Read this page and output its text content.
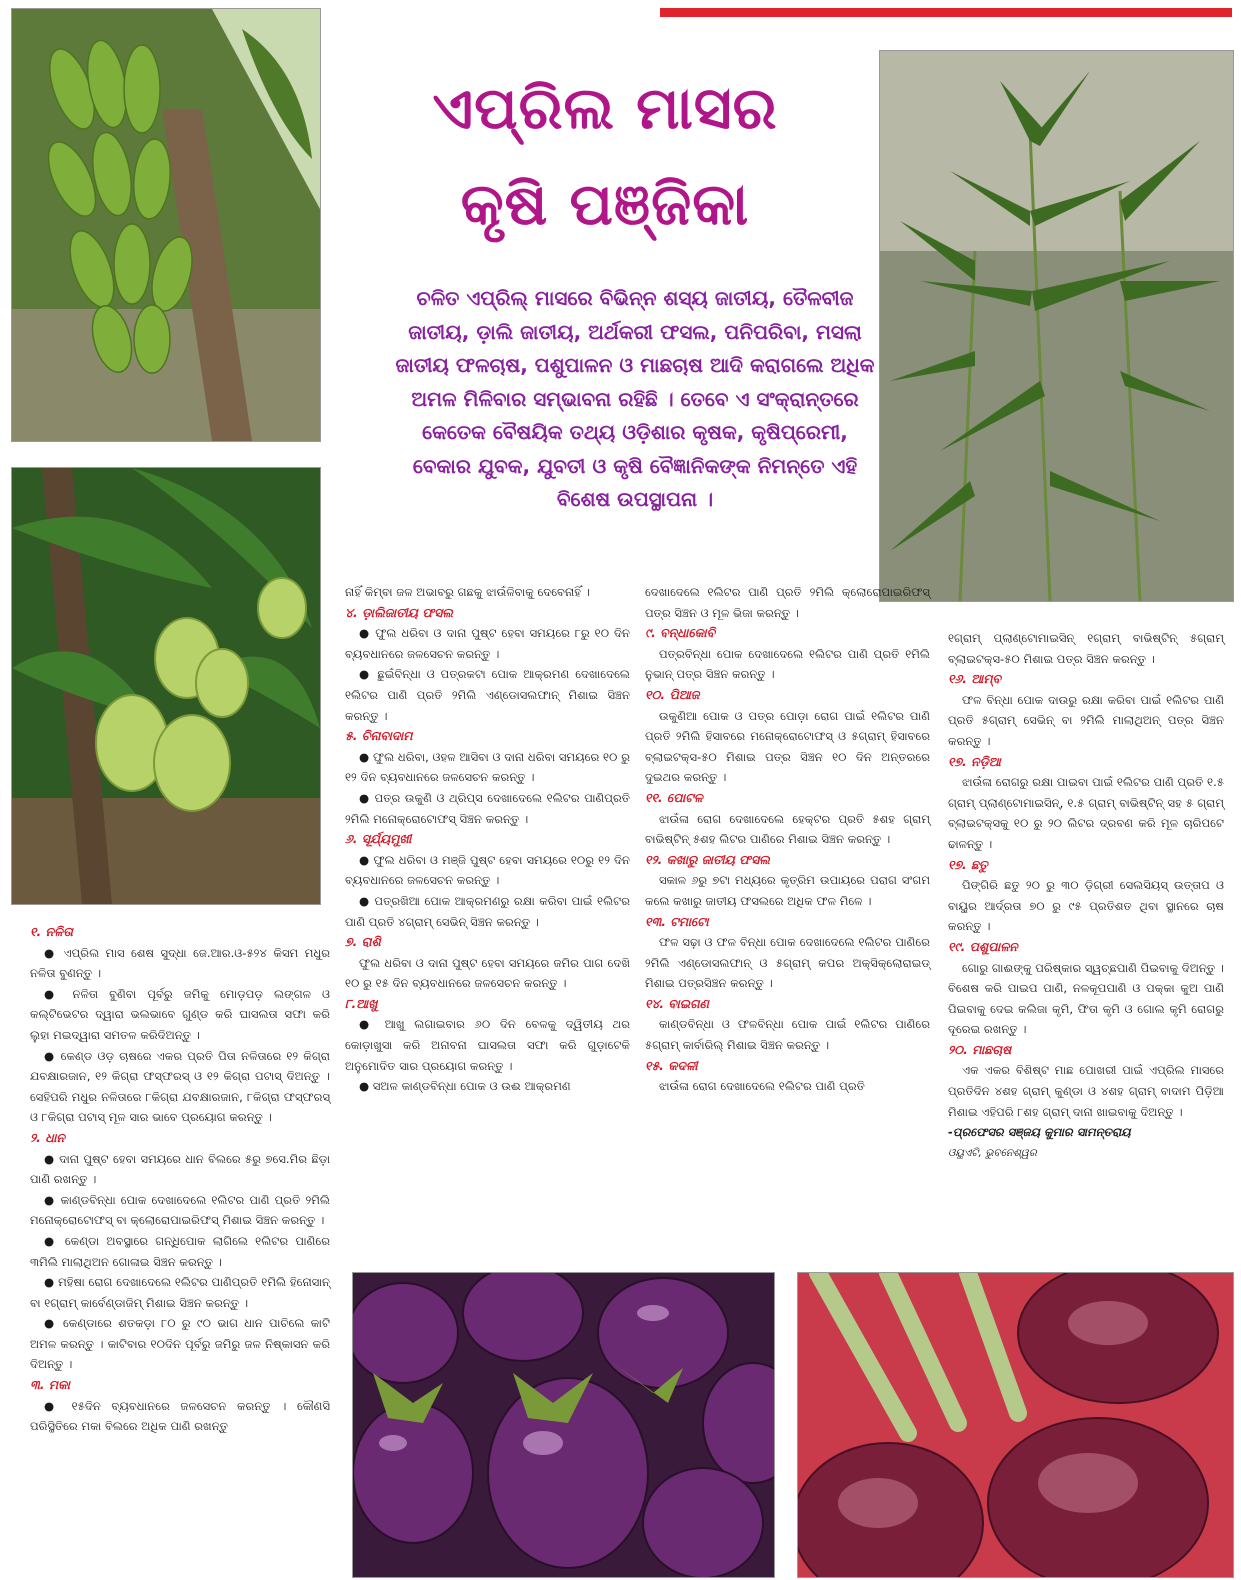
ଏପ୍ରିଲ ମାସର
କୃଷି ପଞ୍ଜିକା
ଚଳିତ ଏପ୍ରିଲ୍ ମାସରେ ବିଭିନ୍ନ ଶସ୍ୟ ଜାତୀୟ, ତୈଳବୀଜ ଜାତୀୟ, ଡ଼ାଲି ଜାତୀୟ, ଅର୍ଥକରୀ ଫସଲ, ପନିପରିବା, ମସଲା ଜାତୀୟ ଫଳଚାଷ, ପଶୁପାଳନ ଓ ମାଛଚାଷ ଆଦି କରାଗଲେ ଅଧିକ ଅମଳ ମିଳିବାର ସମ୍ଭାବନା ରହିଛି । ତେବେ ଏ ସଂକ୍ରାନ୍ତରେ କେତେକ ବୈଷୟିକ ତଥ୍ୟ ଓଡ଼ିଶାର କୃଷକ, କୃଷିପ୍ରେମୀ, ବେକାର ଯୁବକ, ଯୁବତୀ ଓ କୃଷି ବୈଜ୍ଞାନିକଙ୍କ ନିମନ୍ତେ ଏହି ବିଶେଷ ଉପସ୍ଥାପନା ।
୧. ନଳିତା

● ଏପ୍ରିଲ ମାସ ଶେଷ ସୁଦ୍ଧା ଜେ.ଆର.ଓ-୫୨୪ କିସମ ମଧୁର ନଳିତା ବୁଣନ୍ତୁ ।

● ନଳିତା ବୁଣିବା ପୂର୍ବରୁ ଜମିକୁ ମୋଡ଼ପଡ଼ ଲଙ୍ଗଳ ଓ କଲ୍ଟିଭେଟର ଦ୍ୱାରା ଭଲଭାବେ ଗୁଣ୍ଡ କରି ଘାସଲତା ସଫା କରି ଲୁହା ମଇଦ୍ୱାରା ସମତଳ କରିଦିଅନ୍ତୁ ।

● କେଣ୍ଡ ଓଡ଼ ଚାଷରେ ଏକର ପ୍ରତି ପିତା ନଳିତାରେ ୧୨ କିଗ୍ରା ଯବକ୍ଷାରଜାନ, ୧୨ କିଗ୍ରା ଫସ୍‌ଫରସ୍ ଓ ୧୨ କିଗ୍ରା ପଟାସ୍ ଦିଅନ୍ତୁ । ସେହିପରି ମଧୁର ନଳିତାରେ ୮କିଗ୍ରା ଯବକ୍ଷାରଜାନ, ୮କିଗ୍ରା ଫସ୍‌ଫରସ୍ ଓ ୮କିଗ୍ରା ପଟାସ୍ ମୂଳ ସାର ଭାବେ ପ୍ରୟୋଗ କରନ୍ତୁ ।

୨. ଧାନ

● ଦାନା ପୁଷ୍ଟ ହେବା ସମୟରେ ଧାନ ବିଲରେ ୫ରୁ ୭ସେ.ମିର ଛିଡ଼ା ପାଣି ରଖନ୍ତୁ ।

● କାଣ୍ଡବିନ୍ଧା ପୋକ ଦେଖାଦେଲେ ୧ଲିଟର ପାଣି ପ୍ରତି ୨ମିଲି ମନୋକ୍ରୋଟୋଫସ୍ ବା କ୍ଲୋରୋପାଇରିଫସ୍ ମିଶାଇ ସିଞ୍ଚନ କରନ୍ତୁ ।

● କେଣ୍ଡା ଅବସ୍ଥାରେ ଗନ୍ଧିପୋକ ଲାଗିଲେ ୧ଲିଟର ପାଣିରେ ୩ମିଲି ମାଲାଥିଅନ ଗୋଳାଇ ସିଞ୍ଚନ କରନ୍ତୁ ।

● ମହିଷା ରୋଗ ଦେଖାଦେଲେ ୧ଲିଟର ପାଣିପ୍ରତି ୧ମିଲି ହିନୋସାନ୍ ବା ୧ଗ୍ରାମ୍ କାର୍ବେଣ୍ଡାଜିମ୍ ମିଶାଇ ସିଞ୍ଚନ କରନ୍ତୁ ।

● କେଣ୍ଡାରେ ଶତକଡ଼ା ୮୦ ରୁ ୯୦ ଭାଗ ଧାନ ପାଚିଲେ କାଟି ଅମଳ କରନ୍ତୁ । କାଟିବାର ୧୦ଦିନ ପୂର୍ବରୁ ଜମିରୁ ଜଳ ନିଷ୍କାସନ କରି ଦିଅନ୍ତୁ ।

୩. ମକା

● ୧୫ଦିନ ବ୍ୟବଧାନରେ ଜଳସେଚନ କରନ୍ତୁ । କୌଣସି ପରିସ୍ଥିତିରେ ମକା ବିଲରେ ଅଧିକ ପାଣି ରଖନ୍ତୁ

ନାହିଁ କିମ୍ବା ଜଳ ଅଭାବରୁ ଗଛକୁ ଝାଉଁଳିବାକୁ ଦେବେନାହିଁ ।

୪. ଡ଼ାଲିଜାତୀୟ ଫସଲ

● ଫୁଲ ଧରିବା ଓ ଦାନା ପୁଷ୍ଟ ହେବା ସମୟରେ ୮ରୁ ୧୦ ଦିନ ବ୍ୟବଧାନରେ ଜଳସେଚନ କରନ୍ତୁ ।

● ଛୁଇଁବିନ୍ଧା ଓ ପତ୍ରକଟା ପୋକ ଆକ୍ରମଣ ଦେଖାଦେଲେ ୧ଲିଟର ପାଣି ପ୍ରତି ୨ମିଲି ଏଣ୍ଡୋସଲଫାନ୍ ମିଶାଇ ସିଞ୍ଚନ କରନ୍ତୁ ।

୫. ଚିନାବାଦାମ

● ଫୁଲ ଧରିବା, ଓହଳ ଆସିବା ଓ ଦାନା ଧରିବା ସମୟରେ ୧୦ ରୁ ୧୨ ଦିନ ବ୍ୟବଧାନରେ ଜଳସେଚନ କରନ୍ତୁ ।

● ପତ୍ର ଉକୁଣି ଓ ଥ୍ରିପ୍ସ ଦେଖାଦେଲେ ୧ଲିଟର ପାଣିପ୍ରତି ୨ମିଲି ମନୋକ୍ରୋଟୋଫସ୍ ସିଞ୍ଚନ କରନ୍ତୁ ।

୬. ସୂର୍ଯ୍ୟମୁଖୀ

● ଫୁଲ ଧରିବା ଓ ମଞ୍ଜି ପୁଷ୍ଟ ହେବା ସମୟରେ ୧୦ରୁ ୧୨ ଦିନ ବ୍ୟବଧାନରେ ଜଳସେଚନ କରନ୍ତୁ ।

● ପତ୍ରଖିଆ ପୋକ ଆକ୍ରମଣରୁ ରକ୍ଷା କରିବା ପାଇଁ ୧ଲିଟର ପାଣି ପ୍ରତି ୪ଗ୍ରାମ୍ ସେଭିନ୍ ସିଞ୍ଚନ କରନ୍ତୁ ।

୭. ରାଶି

ଫୁଲ ଧରିବା ଓ ଦାନା ପୁଷ୍ଟ ହେବା ସମୟରେ ଜମିର ପାଗ ଦେଖି ୧୦ ରୁ ୧୫ ଦିନ ବ୍ୟବଧାନରେ ଜଳସେଚନ କରନ୍ତୁ ।

୮.ଆଖୁ

● ଆଖୁ ଲଗାଇବାର ୬୦ ଦିନ ବେଳକୁ ଦ୍ୱିତୀୟ ଥର କୋଡ଼ାଖୁସା କରି ଅନାବନା ଘାସଲତା ସଫା କରି ଗୁଡ଼ାଟେକି ଅନୁମୋଦିତ ସାର ପ୍ରୟୋଗ କରନ୍ତୁ ।

● ସଅଳ କାଣ୍ଡବିନ୍ଧା ପୋକ ଓ ଉଈ ଆକ୍ରମଣ

ଦେଖାଦେଲେ ୧ଲିଟର ପାଣି ପ୍ରତି ୨ମିଲି କ୍ଲୋରୋପାଇରିଫସ୍ ପତ୍ର ସିଞ୍ଚନ ଓ ମୂଳ ଭିଜା କରନ୍ତୁ ।

୯. ବନ୍ଧାକୋବି

ପତ୍ରବିନ୍ଧା ପୋକ ଦେଖାଦେଲେ ୧ଲିଟର ପାଣି ପ୍ରତି ୧ମିଲି ନୁଭାନ୍ ପତ୍ର ସିଞ୍ଚନ କରନ୍ତୁ ।

୧୦. ପିଆଜ

ଉକୁଣିଆ ପୋକ ଓ ପତ୍ର ପୋଡ଼ା ରୋଗ ପାଇଁ ୧ଲିଟର ପାଣି ପ୍ରତି ୨ମିଲି ହିସାବରେ ମନୋକ୍ରୋଟୋଫସ୍ ଓ ୫ଗ୍ରାମ୍ ହିସାବରେ ବ୍ଲାଇଟକ୍ସ-୫୦ ମିଶାଇ ପତ୍ର ସିଞ୍ଚନ ୧୦ ଦିନ ଅନ୍ତରରେ ଦୁଇଥର କରନ୍ତୁ ।

୧୧. ପୋଟଳ

ଝାଉଁଳା ରୋଗ ଦେଖାଦେଲେ ହେକ୍ଟର ପ୍ରତି ୫ଶହ ଗ୍ରାମ୍ ବାଭିଷ୍ଟିନ୍ ୫ଶହ ଲିଟର ପାଣିରେ ମିଶାଇ ସିଞ୍ଚନ କରନ୍ତୁ ।

୧୨. କଖାରୁ ଜାତୀୟ ଫସଲ

ସକାଳ ୬ରୁ ୭ଟା ମଧ୍ୟରେ କୃତ୍ରିମ ଉପାୟରେ ପରାଗ ସଂଗମ କଲେ କଖାରୁ ଜାତୀୟ ଫସଲରେ ଅଧିକ ଫଳ ମିଳେ ।

୧୩. ଟମାଟୋ

ଫଳ ସଢ଼ା ଓ ଫଳ ବିନ୍ଧା ପୋକ ଦେଖାଦେଲେ ୧ଲିଟର ପାଣିରେ ୨ମିଲି ଏଣ୍ଡୋସଲଫାନ୍ ଓ ୫ଗ୍ରାମ୍ କପର ଅକ୍ସିକ୍ଲୋରାଇଡ୍ ମିଶାଇ ପତ୍ରସିଞ୍ଚନ କରନ୍ତୁ ।

୧୪. ବାଇଗଣ

କାଣ୍ଡବିନ୍ଧା ଓ ଫଳବିନ୍ଧା ପୋକ ପାଇଁ ୧ଲିଟର ପାଣିରେ ୫ଗ୍ରାମ୍ କାର୍ବାରିଲ୍ ମିଶାଇ ସିଞ୍ଚନ କରନ୍ତୁ ।

୧୫. କଦଳୀ

ଝାଉଁଳା ରୋଗ ଦେଖାଦେଲେ ୧ଲିଟର ପାଣି ପ୍ରତି

୧ଗ୍ରାମ୍ ପ୍ଲାଣ୍ଟୋମାଇସିନ୍ ୧ଗ୍ରାମ୍ ବାଭିଷ୍ଟିନ୍ ୫ଗ୍ରାମ୍ ବ୍ଲାଇଟକ୍ସ-୫୦ ମିଶାଇ ପତ୍ର ସିଞ୍ଚନ କରନ୍ତୁ ।

୧୬. ଆମ୍ବ

ଫଳ ବିନ୍ଧା ପୋକ ଦାଉରୁ ରକ୍ଷା କରିବା ପାଇଁ ୧ଲିଟର ପାଣି ପ୍ରତି ୫ଗ୍ରାମ୍ ସେଭିନ୍ ବା ୨ମିଲି ମାଲାଥିଅନ୍ ପତ୍ର ସିଞ୍ଚନ କରନ୍ତୁ ।

୧୭. ନଡ଼ିଆ

ଝାଉଁଳା ରୋଗରୁ ରକ୍ଷା ପାଇବା ପାଇଁ ୧ଲିଟର ପାଣି ପ୍ରତି ୧.୫ ଗ୍ରାମ୍ ପ୍ଲାଣ୍ଟୋମାଇସିନ୍, ୧.୫ ଗ୍ରାମ୍ ବାଭିଷ୍ଟିନ୍ ସହ ୫ ଗ୍ରାମ୍ ବ୍ଲାଇଟକ୍ସକୁ ୧୦ ରୁ ୨୦ ଲିଟର ଦ୍ରବଣ କରି ମୂଳ ଚାରିପଟେ ଢାଳନ୍ତୁ ।

୧୭. ଛତୁ

ପିଙ୍ଗିରି ଛତୁ ୨୦ ରୁ ୩୦ ଡ଼ିଗ୍ରୀ ସେଲସିୟସ୍ ଉତ୍ତାପ ଓ ବାୟୁର ଆର୍ଦ୍ରତା ୭୦ ରୁ ୯୫ ପ୍ରତିଶତ ଥିବା ସ୍ଥାନରେ ଚାଷ କରନ୍ତୁ ।

୧୯. ପଶୁପାଳନ

ଗୋରୁ ଗାଈଙ୍କୁ ପରିଷ୍କାର ସ୍ୱଚ୍ଛପାଣି ପିଇବାକୁ ଦିଅନ୍ତୁ । ବିଶେଷ କରି ପାଇପ ପାଣି, ନଳକୂପପାଣି ଓ ପକ୍କା କୁଅ ପାଣି ପିଇବାକୁ ଦେଇ କଲିଜା କୃମି, ଫିତା କୃମି ଓ ଗୋଲ କୃମି ରୋଗରୁ ଦୂରେଇ ରଖନ୍ତୁ ।

୨୦. ମାଛଚାଷ

ଏକ ଏକର ବିଶିଷ୍ଟ ମାଛ ପୋଖରୀ ପାଇଁ ଏପ୍ରିଲ ମାସରେ ପ୍ରତିଦିନ ୪ଶହ ଗ୍ରାମ୍ କୁଣ୍ଡା ଓ ୪ଶହ ଗ୍ରାମ୍ ବାଦାମ ପିଡ଼ିଆ ମିଶାଇ ଏହିପରି ୮ଶହ ଗ୍ରାମ୍ ଦାନା ଖାଇବାକୁ ଦିଅନ୍ତୁ ।

-ପ୍ରଫେସର ସଞ୍ଜୟ କୁମାର ସାମନ୍ତରାୟ

ଓୟୁଏଟି, ଭୁବନେଶ୍ୱର
